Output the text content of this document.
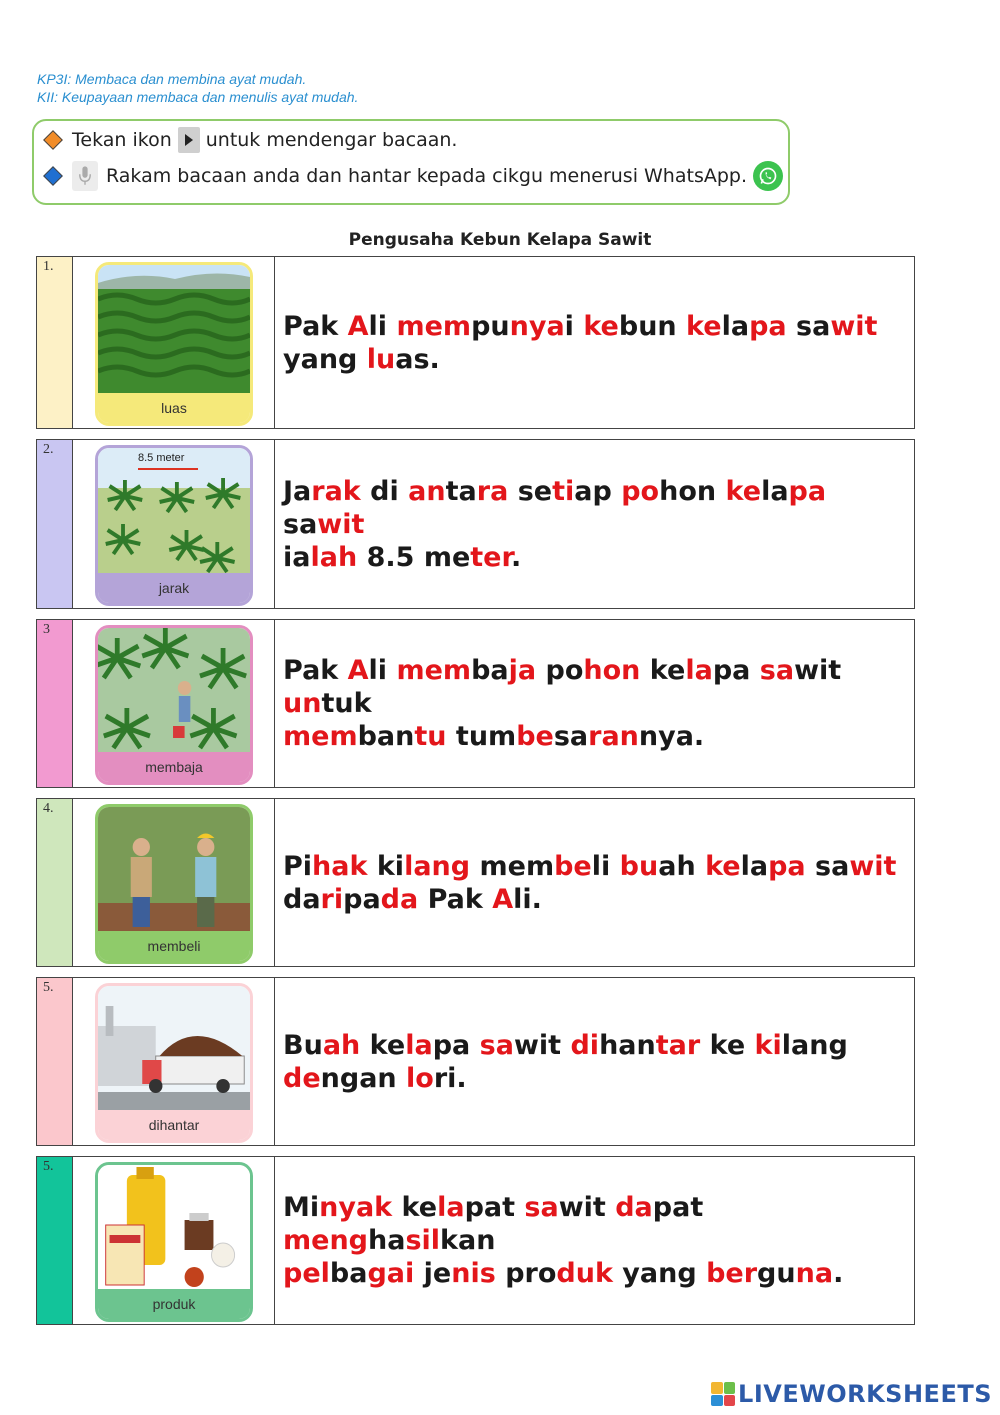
KP3I: Membaca dan membina ayat mudah.
KII: Keupayaan membaca dan menulis ayat mudah.
Tekan ikon untuk mendengar bacaan.
Rakam bacaan anda dan hantar kepada cikgu menerusi WhatsApp.
Pengusaha Kebun Kelapa Sawit
1.
luas
Pak Ali mempunyai kebun kelapa sawit
yang luas.
2.
8.5 meter
jarak
Jarak di antara setiap pohon kelapa sawit
ialah 8.5 meter.
3
membaja
Pak Ali membaja pohon kelapa sawit untuk
membantu tumbesarannya.
4.
membeli
Pihak kilang membeli buah kelapa sawit
daripada Pak Ali.
5.
dihantar
Buah kelapa sawit dihantar ke kilang
dengan lori.
5.
produk
Minyak kelapat sawit dapat menghasilkan
pelbagai jenis produk yang berguna.
LIVEWORKSHEETS
